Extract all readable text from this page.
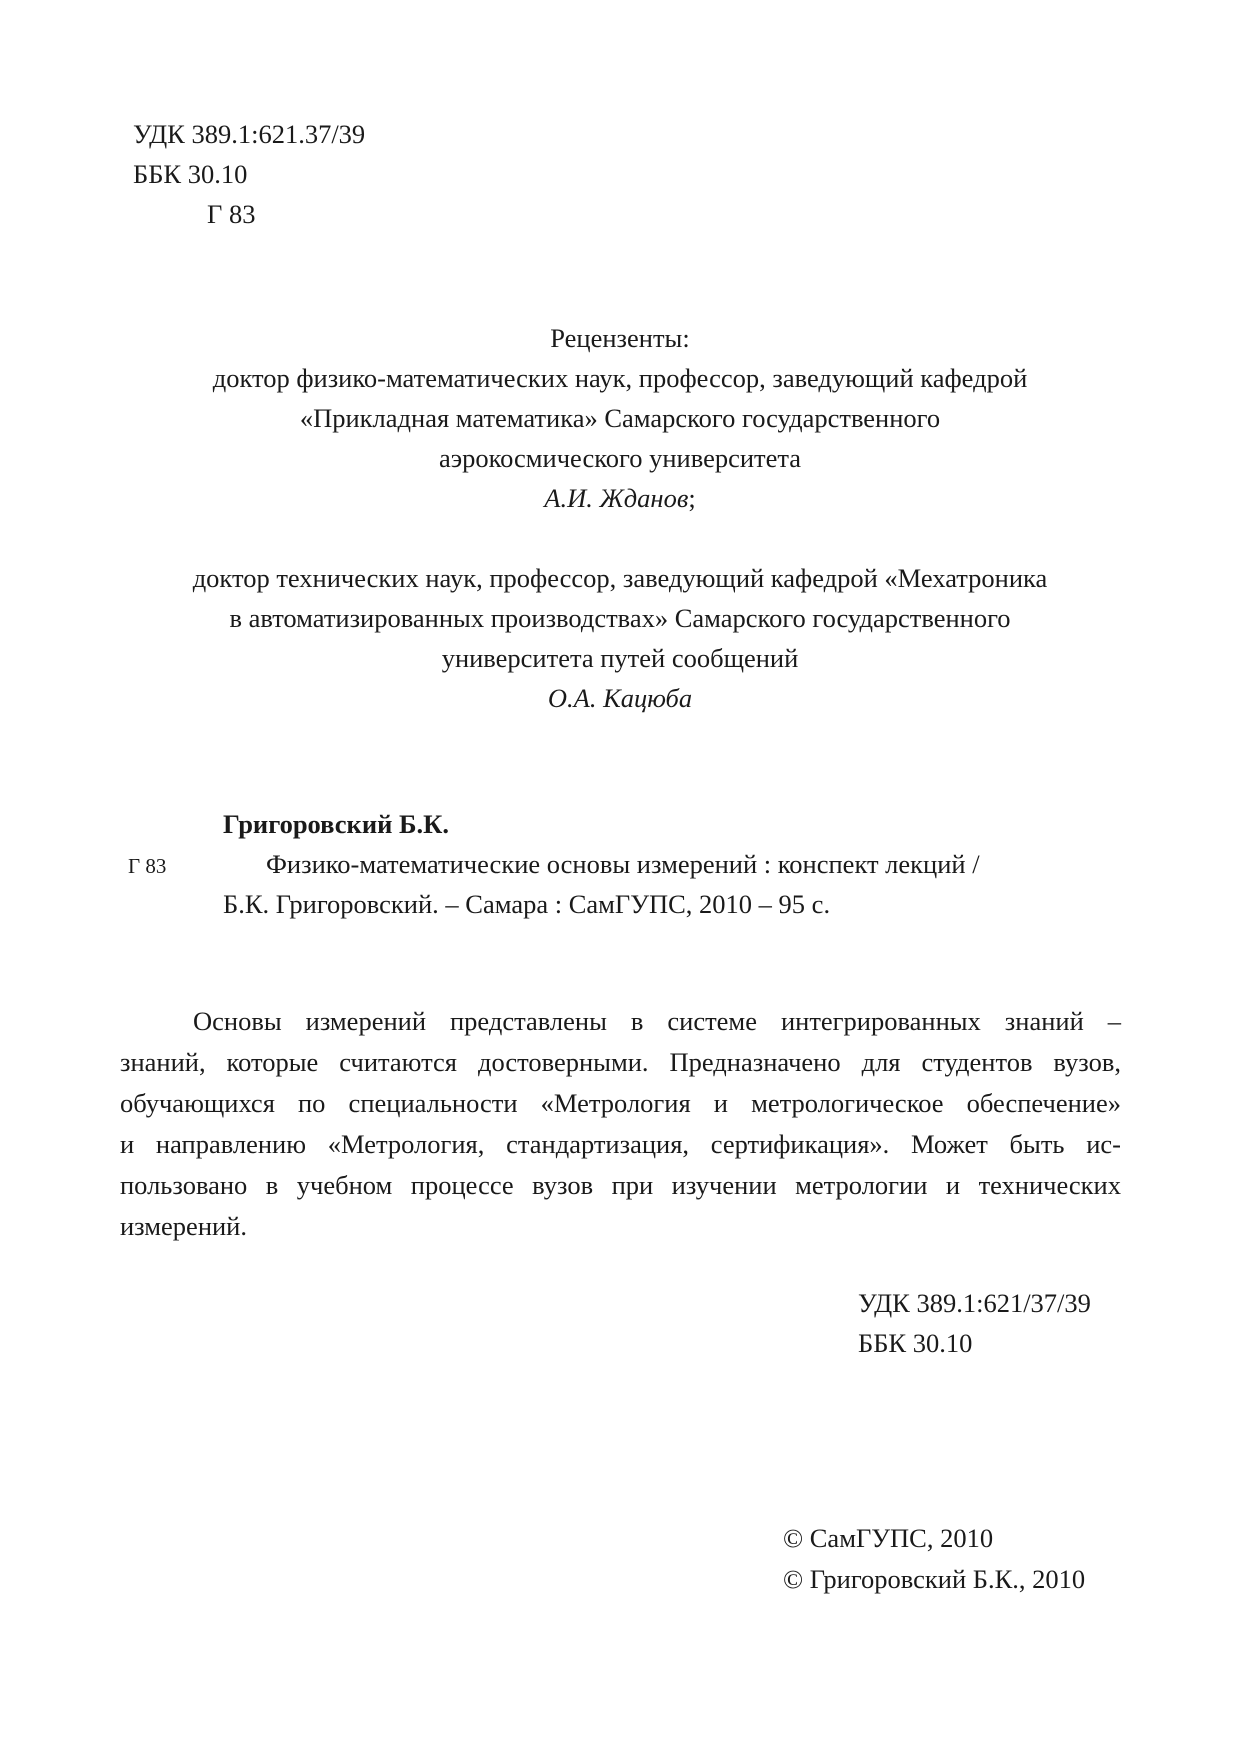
УДК 389.1:621.37/39
ББК 30.10
Г 83
Рецензенты:
доктор физико-математических наук, профессор, заведующий кафедрой
«Прикладная математика» Самарского государственного
аэрокосмического университета
А.И. Жданов;
доктор технических наук, профессор, заведующий кафедрой «Мехатроника
в автоматизированных производствах» Самарского государственного
университета путей сообщений
О.А. Кацюба
Григоровский Б.К.
Г 83	Физико-математические основы измерений : конспект лекций /
Б.К. Григоровский. – Самара : СамГУПС, 2010 – 95 с.
Основы измерений представлены в системе интегрированных знаний –
знаний, которые считаются достоверными. Предназначено для студентов вузов,
обучающихся по специальности «Метрология и метрологическое обеспечение»
и направлению «Метрология, стандартизация, сертификация». Может быть ис-
пользовано в учебном процессе вузов при изучении метрологии и технических
измерений.
УДК 389.1:621/37/39
ББК 30.10
© СамГУПС, 2010
© Григоровский Б.К., 2010
